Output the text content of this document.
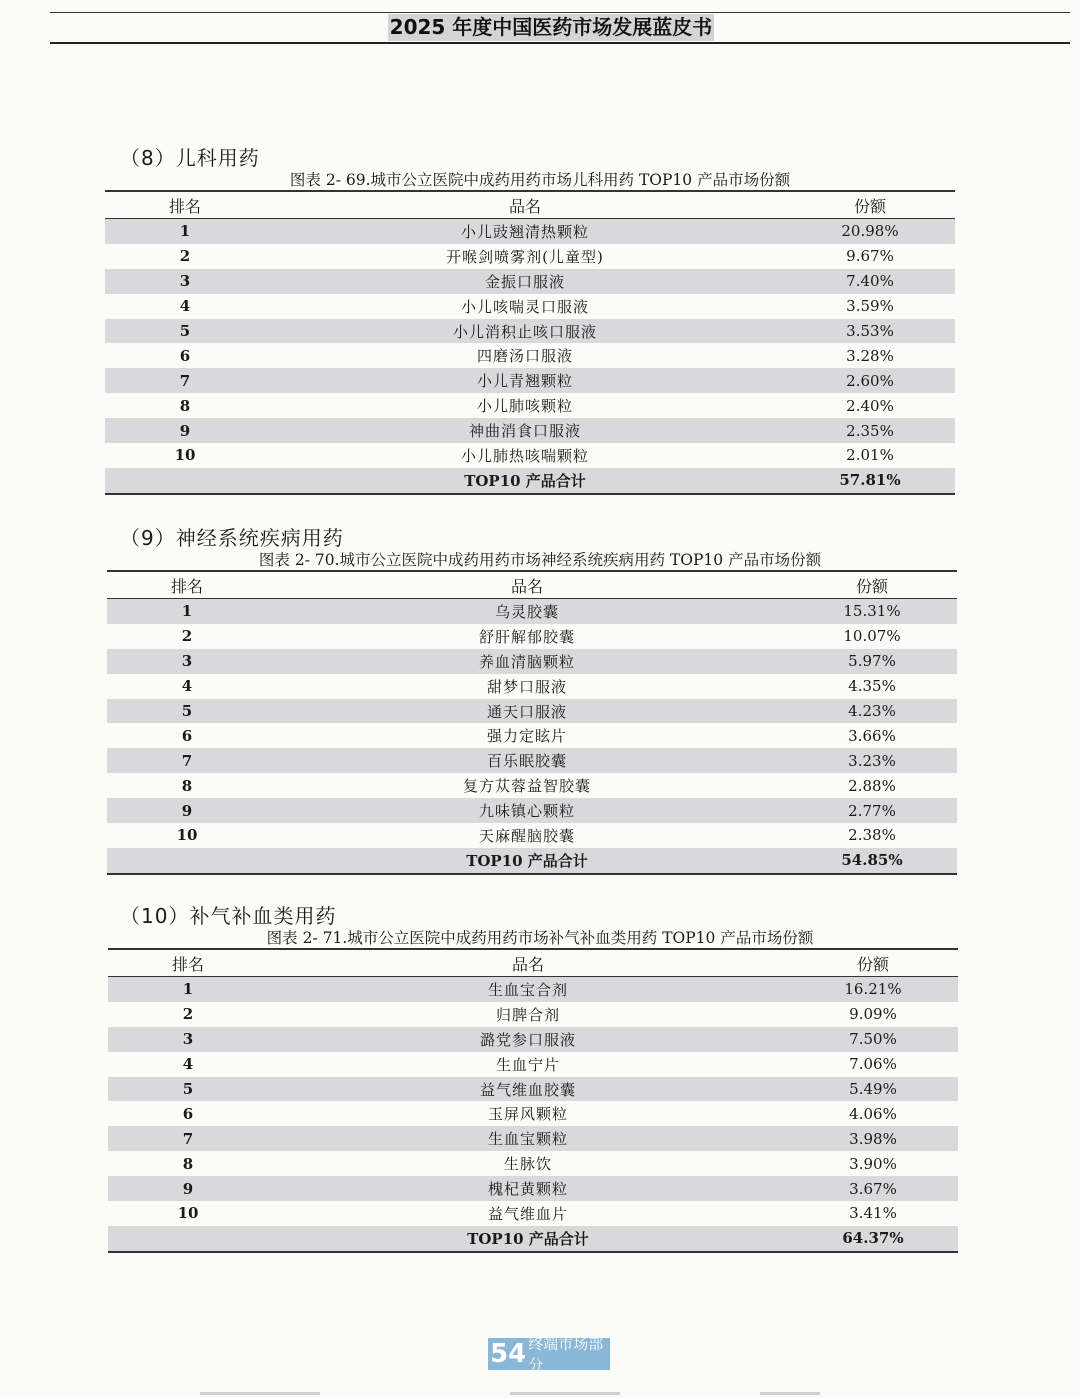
2025 年度中国医药市场发展蓝皮书
（8）儿科用药
图表 2- 69.城市公立医院中成药用药市场儿科用药 TOP10 产品市场份额
排名	品名	份额
1	小儿豉翘清热颗粒	20.98%
2	开喉剑喷雾剂(儿童型)	9.67%
3	金振口服液	7.40%
4	小儿咳喘灵口服液	3.59%
5	小儿消积止咳口服液	3.53%
6	四磨汤口服液	3.28%
7	小儿青翘颗粒	2.60%
8	小儿肺咳颗粒	2.40%
9	神曲消食口服液	2.35%
10	小儿肺热咳喘颗粒	2.01%
	TOP10 产品合计	57.81%
（9）神经系统疾病用药
图表 2- 70.城市公立医院中成药用药市场神经系统疾病用药 TOP10 产品市场份额
排名	品名	份额
1	乌灵胶囊	15.31%
2	舒肝解郁胶囊	10.07%
3	养血清脑颗粒	5.97%
4	甜梦口服液	4.35%
5	通天口服液	4.23%
6	强力定眩片	3.66%
7	百乐眠胶囊	3.23%
8	复方苁蓉益智胶囊	2.88%
9	九味镇心颗粒	2.77%
10	天麻醒脑胶囊	2.38%
	TOP10 产品合计	54.85%
（10）补气补血类用药
图表 2- 71.城市公立医院中成药用药市场补气补血类用药 TOP10 产品市场份额
排名	品名	份额
1	生血宝合剂	16.21%
2	归脾合剂	9.09%
3	潞党参口服液	7.50%
4	生血宁片	7.06%
5	益气维血胶囊	5.49%
6	玉屏风颗粒	4.06%
7	生血宝颗粒	3.98%
8	生脉饮	3.90%
9	槐杞黄颗粒	3.67%
10	益气维血片	3.41%
	TOP10 产品合计	64.37%
54 终端市场部分
